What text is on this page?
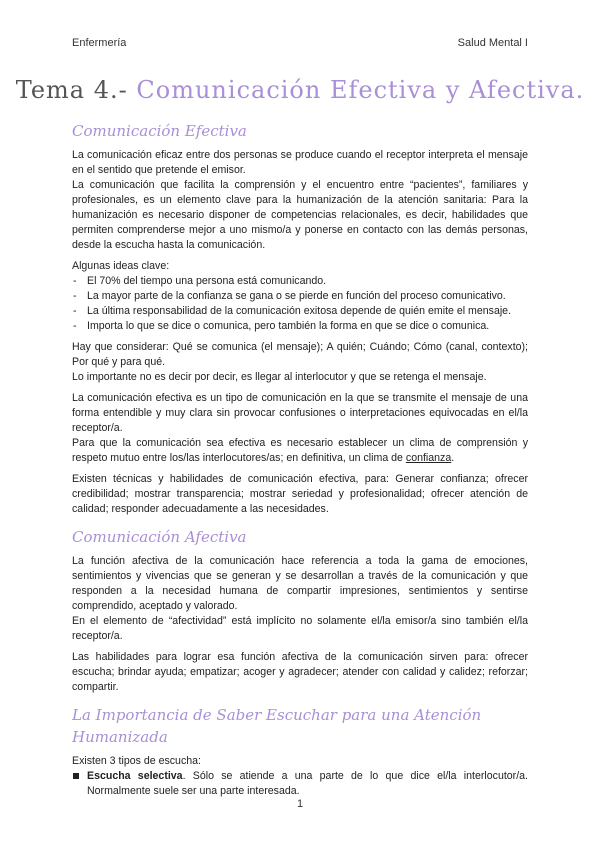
Enfermería	Salud Mental I
Tema 4.- Comunicación Efectiva y Afectiva.
Comunicación Efectiva

La comunicación eficaz entre dos personas se produce cuando el receptor interpreta el mensaje en el sentido que pretende el emisor.

La comunicación que facilita la comprensión y el encuentro entre “pacientes”, familiares y profesionales, es un elemento clave para la humanización de la atención sanitaria: Para la humanización es necesario disponer de competencias relacionales, es decir, habilidades que permiten comprenderse mejor a uno mismo/a y ponerse en contacto con las demás personas, desde la escucha hasta la comunicación.

Algunas ideas clave:

- El 70% del tiempo una persona está comunicando.
- La mayor parte de la confianza se gana o se pierde en función del proceso comunicativo.
- La última responsabilidad de la comunicación exitosa depende de quién emite el mensaje.
- Importa lo que se dice o comunica, pero también la forma en que se dice o comunica.

Hay que considerar: Qué se comunica (el mensaje); A quién; Cuándo; Cómo (canal, contexto); Por qué y para qué.

Lo importante no es decir por decir, es llegar al interlocutor y que se retenga el mensaje.

La comunicación efectiva es un tipo de comunicación en la que se transmite el mensaje de una forma entendible y muy clara sin provocar confusiones o interpretaciones equivocadas en el/la receptor/a.

Para que la comunicación sea efectiva es necesario establecer un clima de comprensión y respeto mutuo entre los/las interlocutores/as; en definitiva, un clima de confianza.

Existen técnicas y habilidades de comunicación efectiva, para: Generar confianza; ofrecer credibilidad; mostrar transparencia; mostrar seriedad y profesionalidad; ofrecer atención de calidad; responder adecuadamente a las necesidades.

Comunicación Afectiva

La función afectiva de la comunicación hace referencia a toda la gama de emociones, sentimientos y vivencias que se generan y se desarrollan a través de la comunicación y que responden a la necesidad humana de compartir impresiones, sentimientos y sentirse comprendido, aceptado y valorado.

En el elemento de “afectividad” está implícito no solamente el/la emisor/a sino también el/la receptor/a.

Las habilidades para lograr esa función afectiva de la comunicación sirven para: ofrecer escucha; brindar ayuda; empatizar; acoger y agradecer; atender con calidad y calidez; reforzar; compartir.

La Importancia de Saber Escuchar para una Atención Humanizada

Existen 3 tipos de escucha:

Escucha selectiva. Sólo se atiende a una parte de lo que dice el/la interlocutor/a. Normalmente suele ser una parte interesada.
1
